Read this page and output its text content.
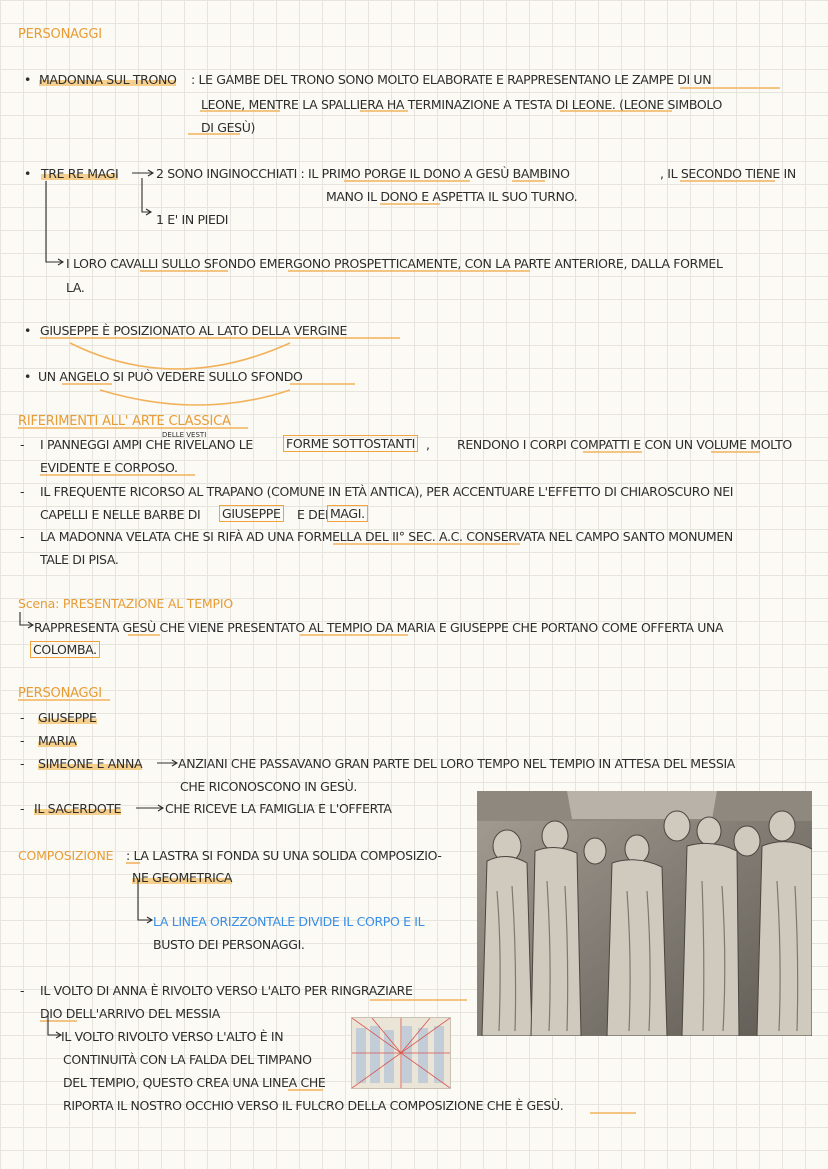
PERSONAGGI
• MADONNA SUL TRONO : LE GAMBE DEL TRONO SONO MOLTO ELABORATE E RAPPRESENTANO LE ZAMPE DI UN
LEONE, MENTRE LA SPALLIERA HA TERMINAZIONE A TESTA DI LEONE. (LEONE SIMBOLO
DI GESÙ)
• TRE RE MAGI	2 SONO INGINOCCHIATI : IL PRIMO PORGE IL DONO A GESÙ BAMBINO	, IL SECONDO TIENE IN
MANO IL DONO E ASPETTA IL SUO TURNO.
1 E' IN PIEDI
I LORO CAVALLI SULLO SFONDO EMERGONO PROSPETTICAMENTE, CON LA PARTE ANTERIORE, DALLA FORMEL
LA.
• GIUSEPPE È POSIZIONATO AL LATO DELLA VERGINE
• UN ANGELO SI PUÒ VEDERE SULLO SFONDO
RIFERIMENTI ALL' ARTE CLASSICA
DELLE VESTI
- I PANNEGGI AMPI CHE RIVELANO LE	FORME SOTTOSTANTI , RENDONO I CORPI COMPATTI E CON UN VOLUME MOLTO
EVIDENTE E CORPOSO.
- IL FREQUENTE RICORSO AL TRAPANO (COMUNE IN ETÀ ANTICA), PER ACCENTUARE L'EFFETTO DI CHIAROSCURO NEI
CAPELLI E NELLE BARBE DI GIUSEPPE E DEI MAGI.
- LA MADONNA VELATA CHE SI RIFÀ AD UNA FORMELLA DEL II° SEC. A.C. CONSERVATA NEL CAMPO SANTO MONUMEN
TALE DI PISA.
Scena: PRESENTAZIONE AL TEMPIO
RAPPRESENTA GESÙ CHE VIENE PRESENTATO AL TEMPIO DA MARIA E GIUSEPPE CHE PORTANO COME OFFERTA UNA
COLOMBA.
PERSONAGGI
- GIUSEPPE
- MARIA
- SIMEONE E ANNA	ANZIANI CHE PASSAVANO GRAN PARTE DEL LORO TEMPO NEL TEMPIO IN ATTESA DEL MESSIA
CHE RICONOSCONO IN GESÙ.
- IL SACERDOTE	CHE RICEVE LA FAMIGLIA E L'OFFERTA
COMPOSIZIONE : LA LASTRA SI FONDA SU UNA SOLIDA COMPOSIZIO-
NE GEOMETRICA
LA LINEA ORIZZONTALE DIVIDE IL CORPO E IL
BUSTO DEI PERSONAGGI.
- IL VOLTO DI ANNA È RIVOLTO VERSO L'ALTO PER RINGRAZIARE
DIO DELL'ARRIVO DEL MESSIA
IL VOLTO RIVOLTO VERSO L'ALTO È IN
CONTINUITÀ CON LA FALDA DEL TIMPANO
DEL TEMPIO, QUESTO CREA UNA LINEA CHE
RIPORTA IL NOSTRO OCCHIO VERSO IL FULCRO DELLA COMPOSIZIONE CHE È GESÙ.
